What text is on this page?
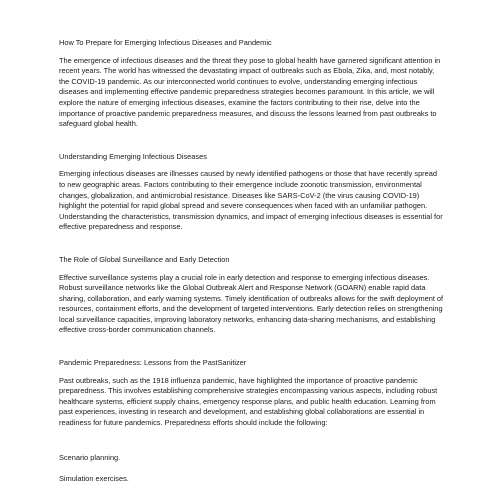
How To Prepare for Emerging Infectious Diseases and Pandemic

The emergence of infectious diseases and the threat they pose to global health have garnered significant attention in recent years. The world has witnessed the devastating impact of outbreaks such as Ebola, Zika, and, most notably, the COVID-19 pandemic. As our interconnected world continues to evolve, understanding emerging infectious diseases and implementing effective pandemic preparedness strategies becomes paramount. In this article, we will explore the nature of emerging infectious diseases, examine the factors contributing to their rise, delve into the importance of proactive pandemic preparedness measures, and discuss the lessons learned from past outbreaks to safeguard global health.

Understanding Emerging Infectious Diseases

Emerging infectious diseases are illnesses caused by newly identified pathogens or those that have recently spread to new geographic areas. Factors contributing to their emergence include zoonotic transmission, environmental changes, globalization, and antimicrobial resistance. Diseases like SARS-CoV-2 (the virus causing COVID-19) highlight the potential for rapid global spread and severe consequences when faced with an unfamiliar pathogen. Understanding the characteristics, transmission dynamics, and impact of emerging infectious diseases is essential for effective preparedness and response.

The Role of Global Surveillance and Early Detection

Effective surveillance systems play a crucial role in early detection and response to emerging infectious diseases. Robust surveillance networks like the Global Outbreak Alert and Response Network (GOARN) enable rapid data sharing, collaboration, and early warning systems. Timely identification of outbreaks allows for the swift deployment of resources, containment efforts, and the development of targeted interventions. Early detection relies on strengthening local surveillance capacities, improving laboratory networks, enhancing data-sharing mechanisms, and establishing effective cross-border communication channels.

Pandemic Preparedness: Lessons from the PastSanitizer

Past outbreaks, such as the 1918 influenza pandemic, have highlighted the importance of proactive pandemic preparedness. This involves establishing comprehensive strategies encompassing various aspects, including robust healthcare systems, efficient supply chains, emergency response plans, and public health education. Learning from past experiences, investing in research and development, and establishing global collaborations are essential in readiness for future pandemics. Preparedness efforts should include the following:

Scenario planning.

Simulation exercises.
